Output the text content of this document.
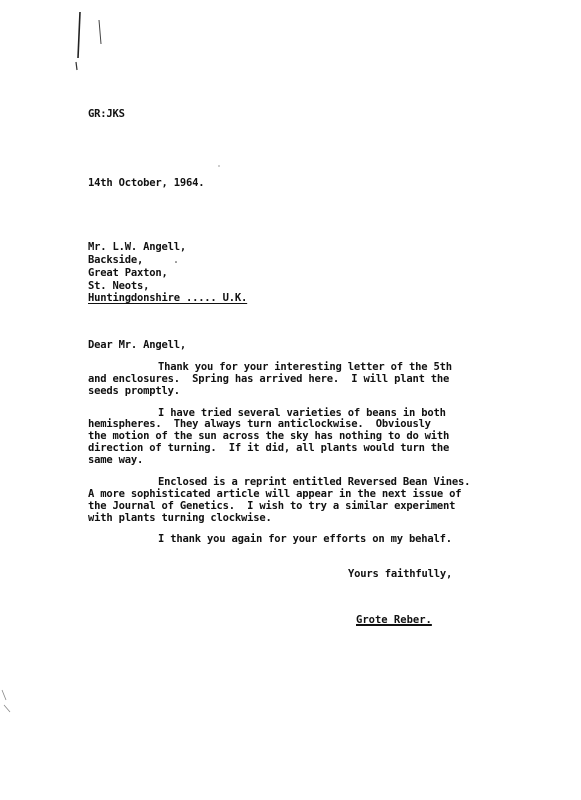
GR:JKS
14th October, 1964.
Mr. L.W. Angell,
Backside,
Great Paxton,
St. Neots,
Huntingdonshire ..... U.K.
Dear Mr. Angell,
Thank you for your interesting letter of the 5th
and enclosures.  Spring has arrived here.  I will plant the
seeds promptly.
I have tried several varieties of beans in both
hemispheres.  They always turn anticlockwise.  Obviously
the motion of the sun across the sky has nothing to do with
direction of turning.  If it did, all plants would turn the
same way.
Enclosed is a reprint entitled Reversed Bean Vines.
A more sophisticated article will appear in the next issue of
the Journal of Genetics.  I wish to try a similar experiment
with plants turning clockwise.
I thank you again for your efforts on my behalf.
Yours faithfully,
Grote Reber.
